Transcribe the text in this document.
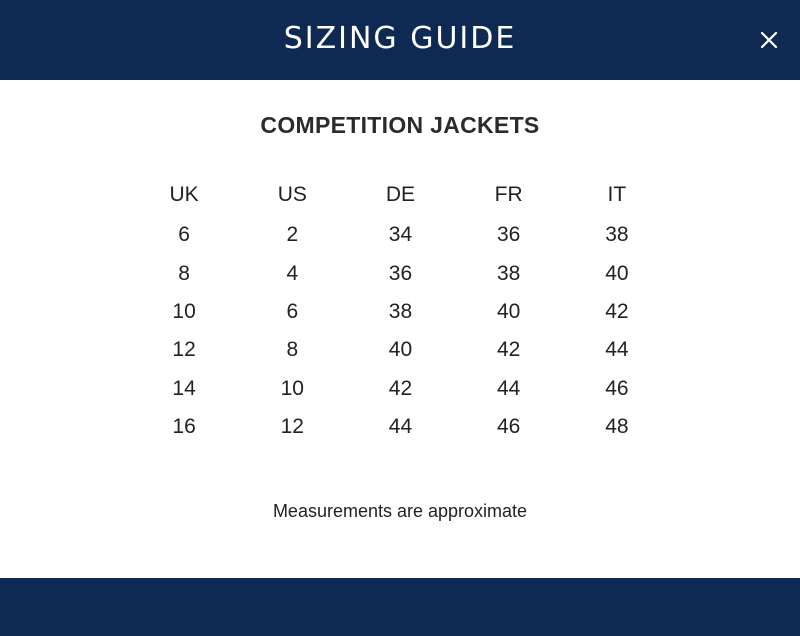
SIZING GUIDE
COMPETITION JACKETS
UK	US	DE	FR	IT
6	2	34	36	38
8	4	36	38	40
10	6	38	40	42
12	8	40	42	44
14	10	42	44	46
16	12	44	46	48

Measurements are approximate
